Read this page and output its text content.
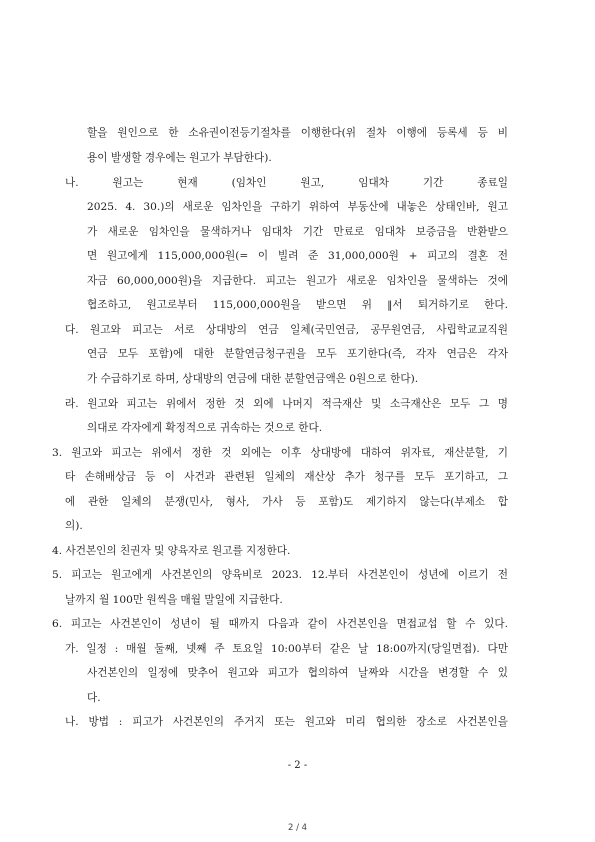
할을 원인으로 한 소유권이전등기절차를 이행한다(위 절차 이행에 등록세 등 비
용이 발생할 경우에는 원고가 부담한다).
나. 원고는 현재 (임차인 원고, 임대차 기간 종료일
2025. 4. 30.)의 새로운 임차인을 구하기 위하여 부동산에 내놓은 상태인바, 원고
가 새로운 임차인을 물색하거나 임대차 기간 만료로 임대차 보증금을 반환받으
면 원고에게 115,000,000원(= 이 빌려 준 31,000,000원 + 피고의 결혼 전
자금 60,000,000원)을 지급한다. 피고는 원고가 새로운 임차인을 물색하는 것에
협조하고, 원고로부터 115,000,000원을 받으면 위 ‖서 퇴거하기로 한다.
다. 원고와 피고는 서로 상대방의 연금 일체(국민연금, 공무원연금, 사립학교교직원
연금 모두 포함)에 대한 분할연금청구권을 모두 포기한다(즉, 각자 연금은 각자
가 수급하기로 하며, 상대방의 연금에 대한 분할연금액은 0원으로 한다).
라. 원고와 피고는 위에서 정한 것 외에 나머지 적극재산 및 소극재산은 모두 그 명
의대로 각자에게 확정적으로 귀속하는 것으로 한다.
3. 원고와 피고는 위에서 정한 것 외에는 이후 상대방에 대하여 위자료, 재산분할, 기
타 손해배상금 등 이 사건과 관련된 일체의 재산상 추가 청구를 모두 포기하고, 그
에 관한 일체의 분쟁(민사, 형사, 가사 등 포함)도 제기하지 않는다(부제소 합
의).
4. 사건본인의 친권자 및 양육자로 원고를 지정한다.
5. 피고는 원고에게 사건본인의 양육비로 2023. 12.부터 사건본인이 성년에 이르기 전
날까지 월 100만 원씩을 매월 말일에 지급한다.
6. 피고는 사건본인이 성년이 될 때까지 다음과 같이 사건본인을 면접교섭 할 수 있다.
가. 일정 : 매월 둘째, 넷째 주 토요일 10:00부터 같은 날 18:00까지(당일면접). 다만
사건본인의 일정에 맞추어 원고와 피고가 협의하여 날짜와 시간을 변경할 수 있
다.
나. 방법 : 피고가 사건본인의 주거지 또는 원고와 미리 협의한 장소로 사건본인을
- 2 -
2 / 4
